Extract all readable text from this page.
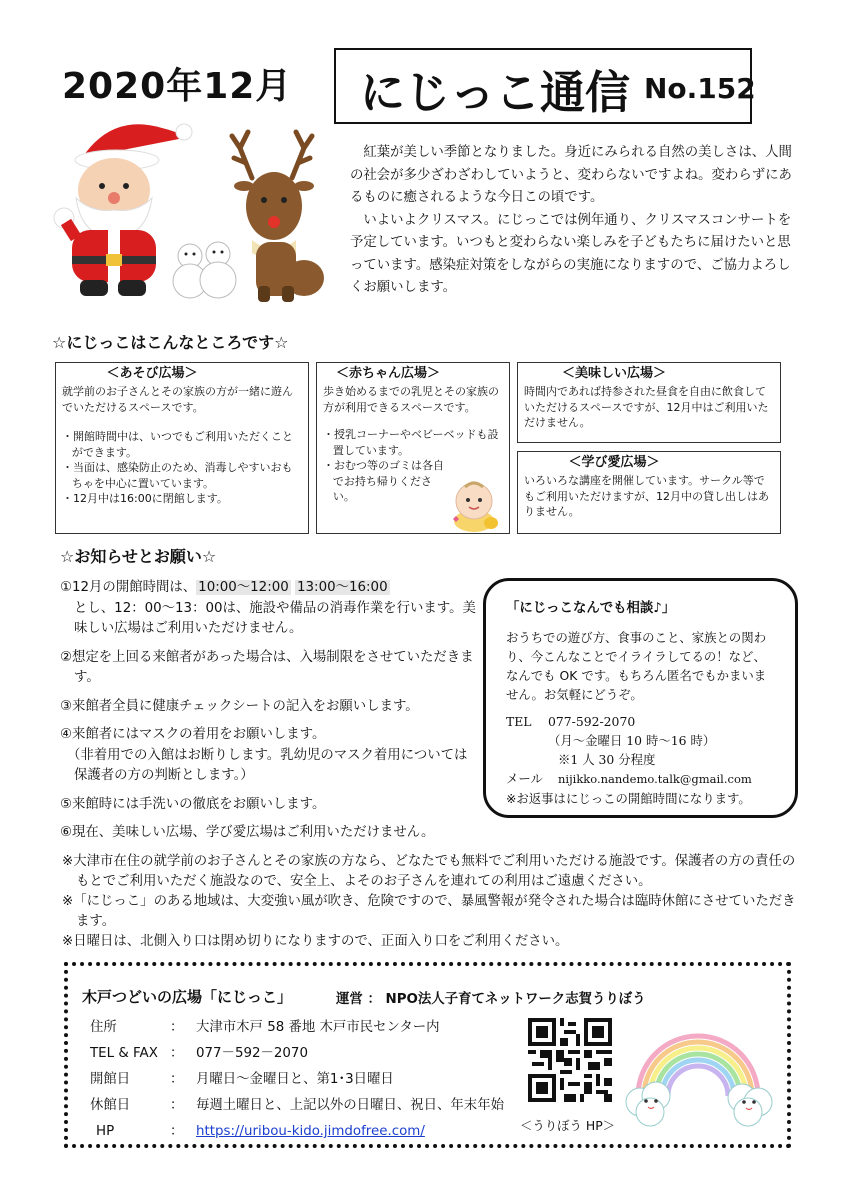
2020年12月 にじっこ通信 No.152

紅葉が美しい季節となりました。身近にみられる自然の美しさは、人間の社会が多少ざわざわしていようと、変わらないですよね。変わらずにあるものに癒されるような今日この頃です。

いよいよクリスマス。にじっこでは例年通り、クリスマスコンサートを予定しています。いつもと変わらない楽しみを子どもたちに届けたいと思っています。感染症対策をしながらの実施になりますので、ご協力よろしくお願いします。

☆にじっこはこんなところです☆
＜あそび広場＞

就学前のお子さんとその家族の方が一緒に遊んでいただけるスペースです。

・ 開館時間中は、いつでもご利用いただくことができます。
・ 当面は、感染防止のため、消毒しやすいおもちゃを中心に置いています。
・ 12月中は16:00に閉館します。
＜赤ちゃん広場＞

歩き始めるまでの乳児とその家族の方が利用できるスペースです。

・ 授乳コーナーやベビーベッドも設置しています。
・ おむつ等のゴミは各自でお持ち帰りください。
＜美味しい広場＞

時間内であれば持参された昼食を自由に飲食していただけるスペースですが、12月中はご利用いただけません。

＜学び愛広場＞

いろいろな講座を開催しています。サークル等でもご利用いただけますが、12月中の貸し出しはありません。

☆お知らせとお願い☆
①12月の開館時間は、 10:00～12:00 13:00～16:00
とし、12：00～13：00は、施設や備品の消毒作業を行います。美味しい広場はご利用いただけません。
②想定を上回る来館者があった場合は、入場制限をさせていただきます。
③来館者全員に健康チェックシートの記入をお願いします。
④来館者にはマスクの着用をお願いします。
（非着用での入館はお断りします。乳幼児のマスク着用については保護者の方の判断とします。）
⑤来館時には手洗いの徹底をお願いします。
⑥現在、美味しい広場、学び愛広場はご利用いただけません。
「にじっこなんでも相談♪」
おうちでの遊び方、食事のこと、家族との関わり、今こんなことでイライラしてるの！など、なんでも OK です。もちろん匿名でもかまいません。お気軽にどうぞ。
TEL 077-592-2070
（月～金曜日 10 時～16 時）
※1 人 30 分程度
メール nijikko.nandemo.talk@gmail.com
※お返事はにじっこの開館時間になります。
※大津市在住の就学前のお子さんとその家族の方なら、どなたでも無料でご利用いただける施設です。保護者の方の責任のもとでご利用いただく施設なので、安全上、よそのお子さんを連れての利用はご遠慮ください。
※「にじっこ」のある地域は、大変強い風が吹き、危険ですので、暴風警報が発令された場合は臨時休館にさせていただきます。
※日曜日は、北側入り口は閉め切りになりますので、正面入り口をご利用ください。
木戸つどいの広場「にじっこ」	運営 ： NPO法人子育てネットワーク志賀うりぼう
住所	： 大津市木戸 58 番地 木戸市民センター内
TEL & FAX ： 077－592－2070
開館日	： 月曜日～金曜日と、第1･3日曜日
休館日	： 毎週土曜日と、上記以外の日曜日、祝日、年末年始
HP	： https://uribou-kido.jimdofree.com/	＜うりぼう HP＞
